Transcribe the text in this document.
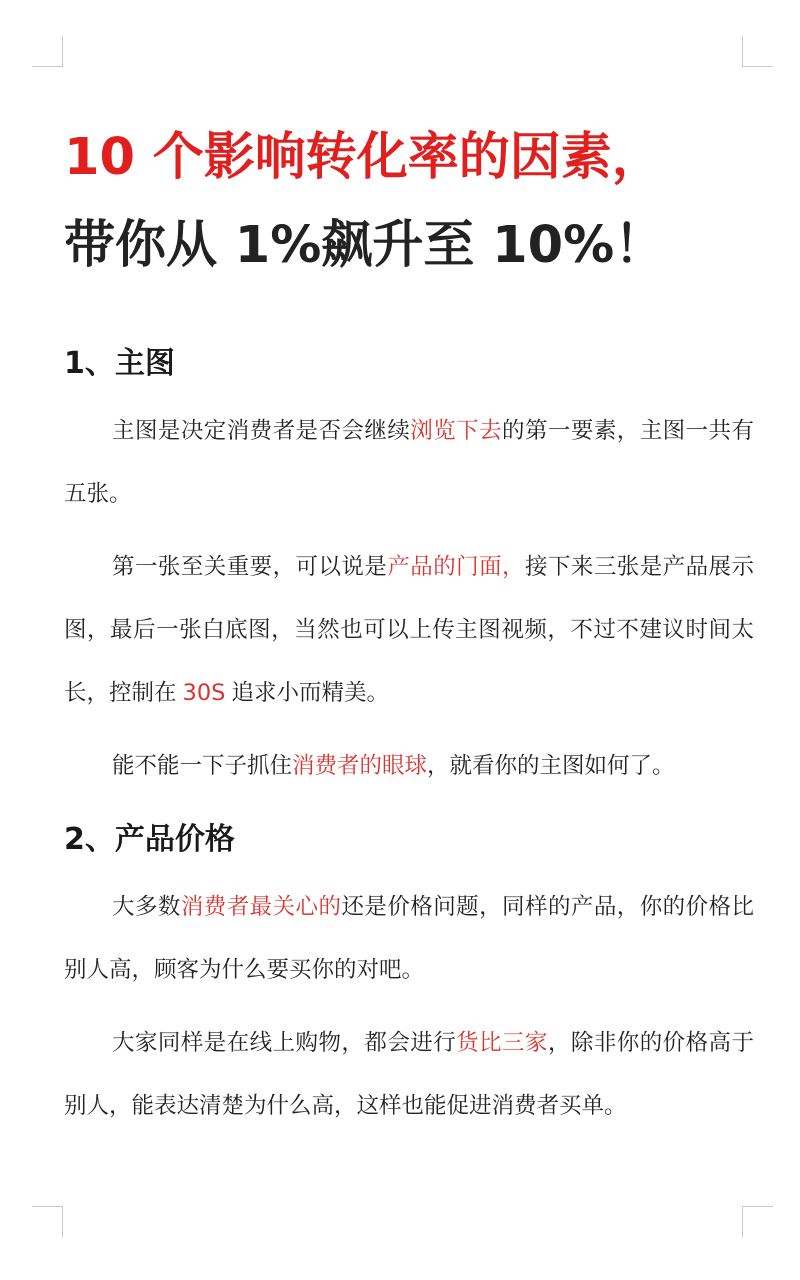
10 个影响转化率的因素，
带你从 1%飙升至 10%！
1、主图

主图是决定消费者是否会继续浏览下去的第一要素，主图一共有五张。

第一张至关重要，可以说是产品的门面，接下来三张是产品展示图，最后一张白底图，当然也可以上传主图视频，不过不建议时间太长，控制在 30S 追求小而精美。

能不能一下子抓住消费者的眼球，就看你的主图如何了。

2、产品价格

大多数消费者最关心的还是价格问题，同样的产品，你的价格比别人高，顾客为什么要买你的对吧。

大家同样是在线上购物，都会进行货比三家，除非你的价格高于别人，能表达清楚为什么高，这样也能促进消费者买单。
